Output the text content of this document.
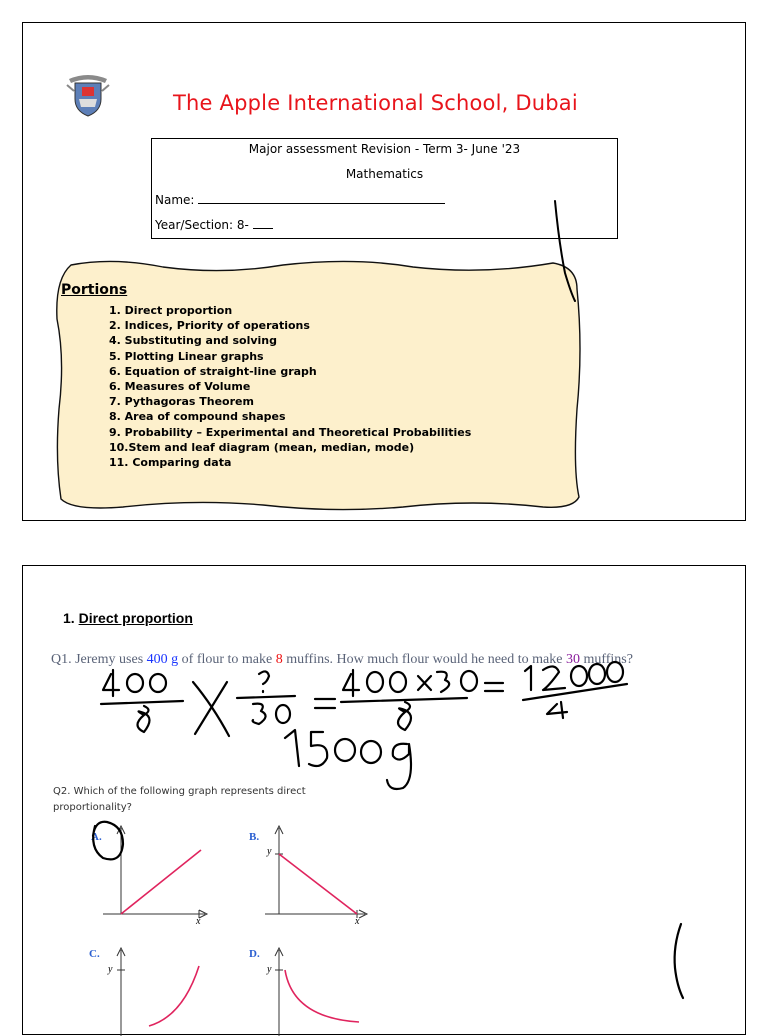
The Apple International School, Dubai
Major assessment Revision - Term 3- June '23
Mathematics
Name:
Year/Section: 8-
Portions
1. Direct proportion
2. Indices, Priority of operations
4. Substituting and solving
5. Plotting Linear graphs
6. Equation of straight-line graph
6. Measures of Volume
7. Pythagoras Theorem
8. Area of compound shapes
9. Probability – Experimental and Theoretical Probabilities
10.Stem and leaf diagram (mean, median, mode)
11. Comparing data
1. Direct proportion
Q1. Jeremy uses 400 g of flour to make 8 muffins. How much flour would he need to make 30 muffins?
Q2. Which of the following graph represents direct proportionality?
A.	B.
y
x	x
C.
y
D.
y
